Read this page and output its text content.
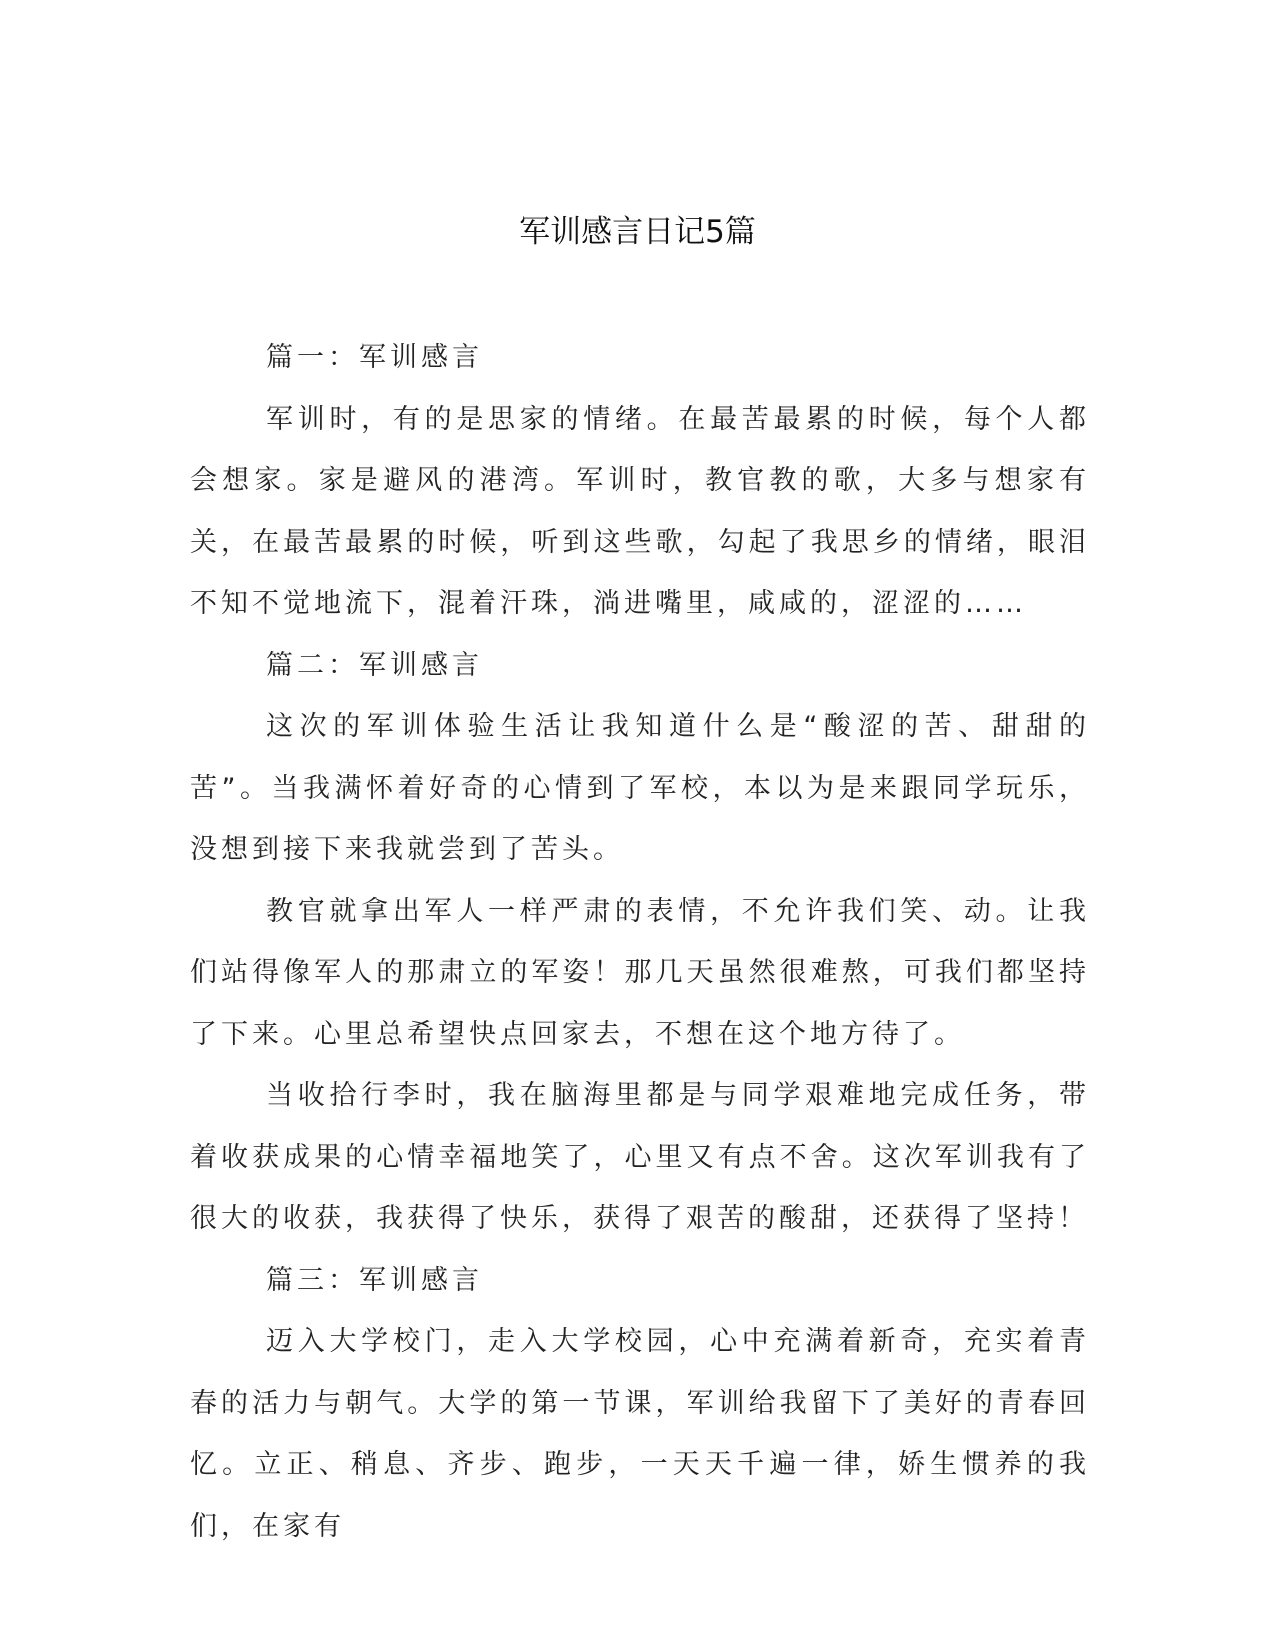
军训感言日记5篇

篇一：军训感言

军训时，有的是思家的情绪。在最苦最累的时候，每个人都会想家。家是避风的港湾。军训时，教官教的歌，大多与想家有关，在最苦最累的时候，听到这些歌，勾起了我思乡的情绪，眼泪不知不觉地流下，混着汗珠，淌进嘴里，咸咸的，涩涩的……

篇二：军训感言

这次的军训体验生活让我知道什么是“酸涩的苦、甜甜的苦”。当我满怀着好奇的心情到了军校，本以为是来跟同学玩乐，没想到接下来我就尝到了苦头。

教官就拿出军人一样严肃的表情，不允许我们笑、动。让我们站得像军人的那肃立的军姿！那几天虽然很难熬，可我们都坚持了下来。心里总希望快点回家去，不想在这个地方待了。

当收拾行李时，我在脑海里都是与同学艰难地完成任务，带着收获成果的心情幸福地笑了，心里又有点不舍。这次军训我有了很大的收获，我获得了快乐，获得了艰苦的酸甜，还获得了坚持！

篇三：军训感言

迈入大学校门，走入大学校园，心中充满着新奇，充实着青春的活力与朝气。大学的第一节课，军训给我留下了美好的青春回忆。立正、稍息、齐步、跑步，一天天千遍一律，娇生惯养的我们，在家有
